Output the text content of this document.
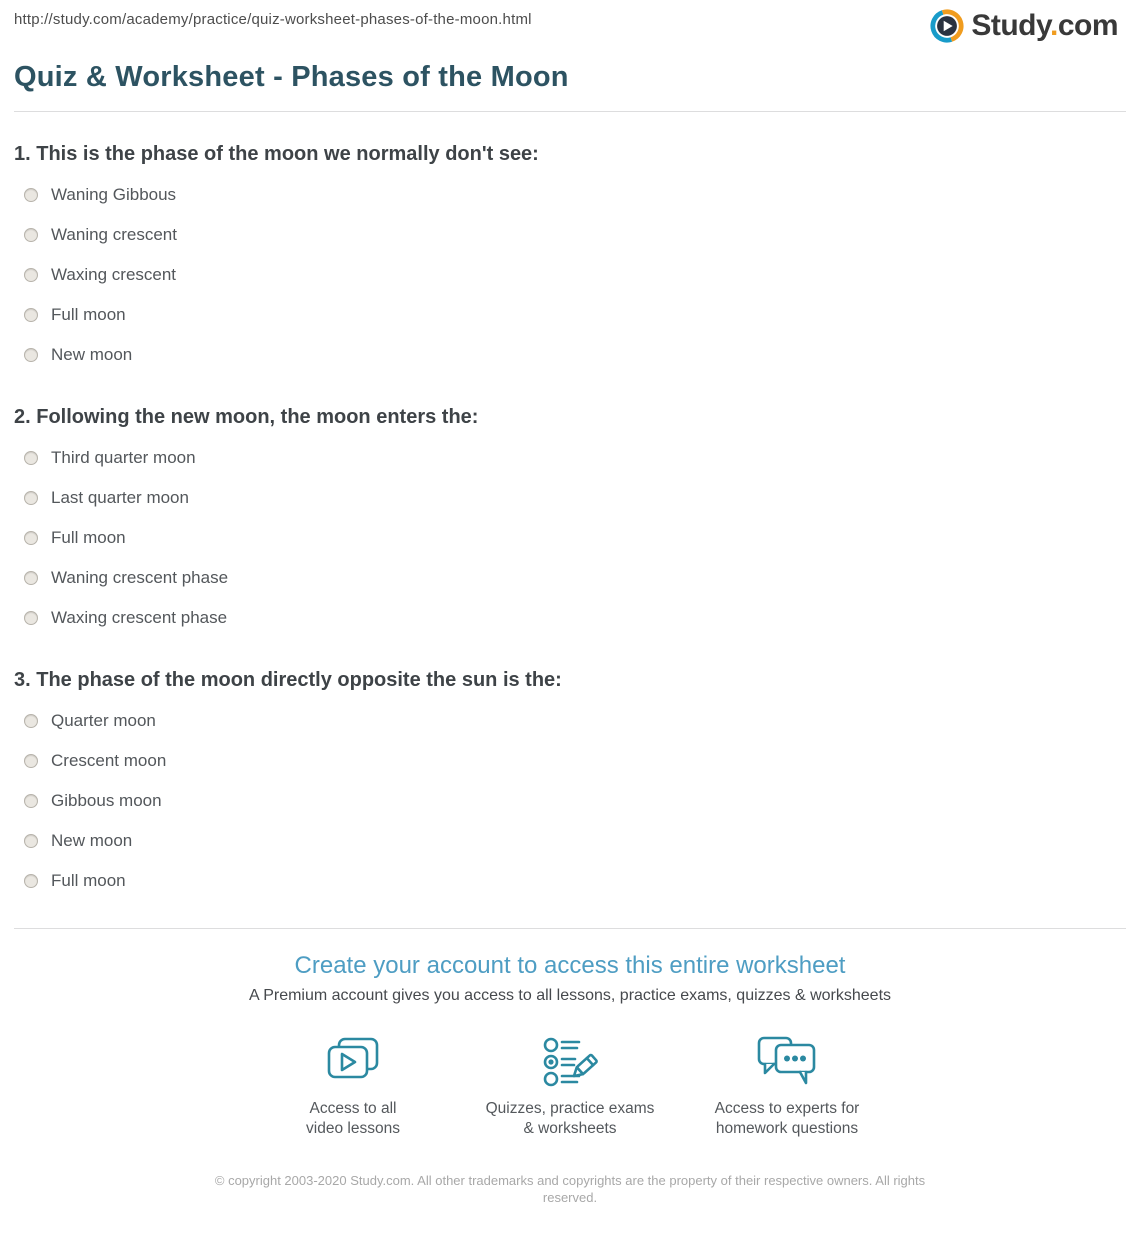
http://study.com/academy/practice/quiz-worksheet-phases-of-the-moon.html	Study.com
Quiz & Worksheet - Phases of the Moon
1. This is the phase of the moon we normally don't see:
Waning Gibbous
Waning crescent
Waxing crescent
Full moon
New moon
2. Following the new moon, the moon enters the:
Third quarter moon
Last quarter moon
Full moon
Waning crescent phase
Waxing crescent phase
3. The phase of the moon directly opposite the sun is the:
Quarter moon
Crescent moon
Gibbous moon
New moon
Full moon
Create your account to access this entire worksheet

A Premium account gives you access to all lessons, practice exams, quizzes & worksheets

Access to all
video lessons
Quizzes, practice exams
& worksheets
Access to experts for
homework questions

© copyright 2003-2020 Study.com. All other trademarks and copyrights are the property of their respective owners. All rights reserved.
